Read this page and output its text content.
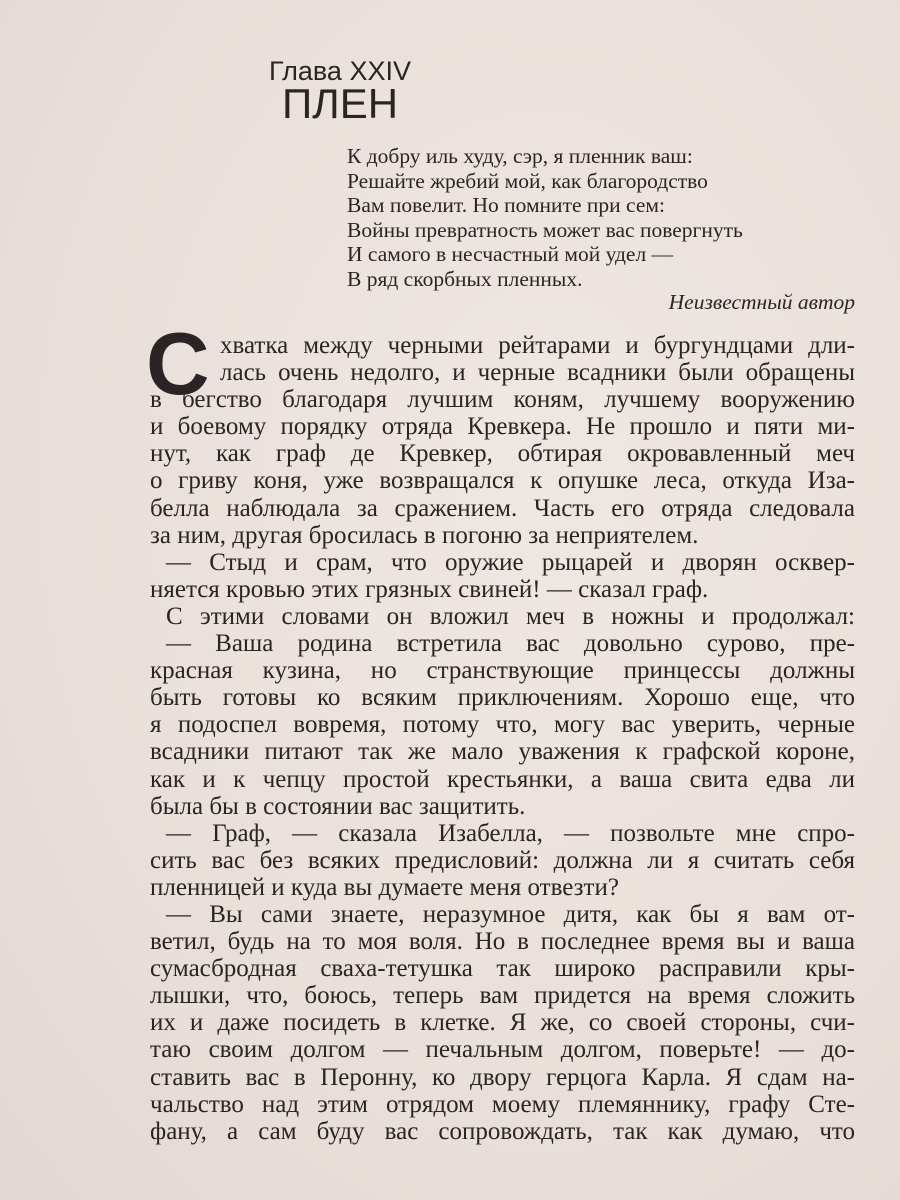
Глава XXIV
ПЛЕН
К добру иль худу, сэр, я пленник ваш:
Решайте жребий мой, как благородство
Вам повелит. Но помните при сем:
Войны превратность может вас повергнуть
И самого в несчастный мой удел —
В ряд скорбных пленных.
Неизвестный автор
С хватка между черными рейтарами и бургундцами дли-
лась очень недолго, и черные всадники были обращены
в бегство благодаря лучшим коням, лучшему вооружению
и боевому порядку отряда Кревкера. Не прошло и пяти ми-
нут, как граф де Кревкер, обтирая окровавленный меч
о гриву коня, уже возвращался к опушке леса, откуда Иза-
белла наблюдала за сражением. Часть его отряда следовала
за ним, другая бросилась в погоню за неприятелем.
— Стыд и срам, что оружие рыцарей и дворян осквер-
няется кровью этих грязных свиней! — сказал граф.
С этими словами он вложил меч в ножны и продолжал:
— Ваша родина встретила вас довольно сурово, пре-
красная кузина, но странствующие принцессы должны
быть готовы ко всяким приключениям. Хорошо еще, что
я подоспел вовремя, потому что, могу вас уверить, черные
всадники питают так же мало уважения к графской короне,
как и к чепцу простой крестьянки, а ваша свита едва ли
была бы в состоянии вас защитить.
— Граф, — сказала Изабелла, — позвольте мне спро-
сить вас без всяких предисловий: должна ли я считать себя
пленницей и куда вы думаете меня отвезти?
— Вы сами знаете, неразумное дитя, как бы я вам от-
ветил, будь на то моя воля. Но в последнее время вы и ваша
сумасбродная сваха-тетушка так широко расправили кры-
лышки, что, боюсь, теперь вам придется на время сложить
их и даже посидеть в клетке. Я же, со своей стороны, счи-
таю своим долгом — печальным долгом, поверьте! — до-
ставить вас в Перонну, ко двору герцога Карла. Я сдам на-
чальство над этим отрядом моему племяннику, графу Сте-
фану, а сам буду вас сопровождать, так как думаю, что
